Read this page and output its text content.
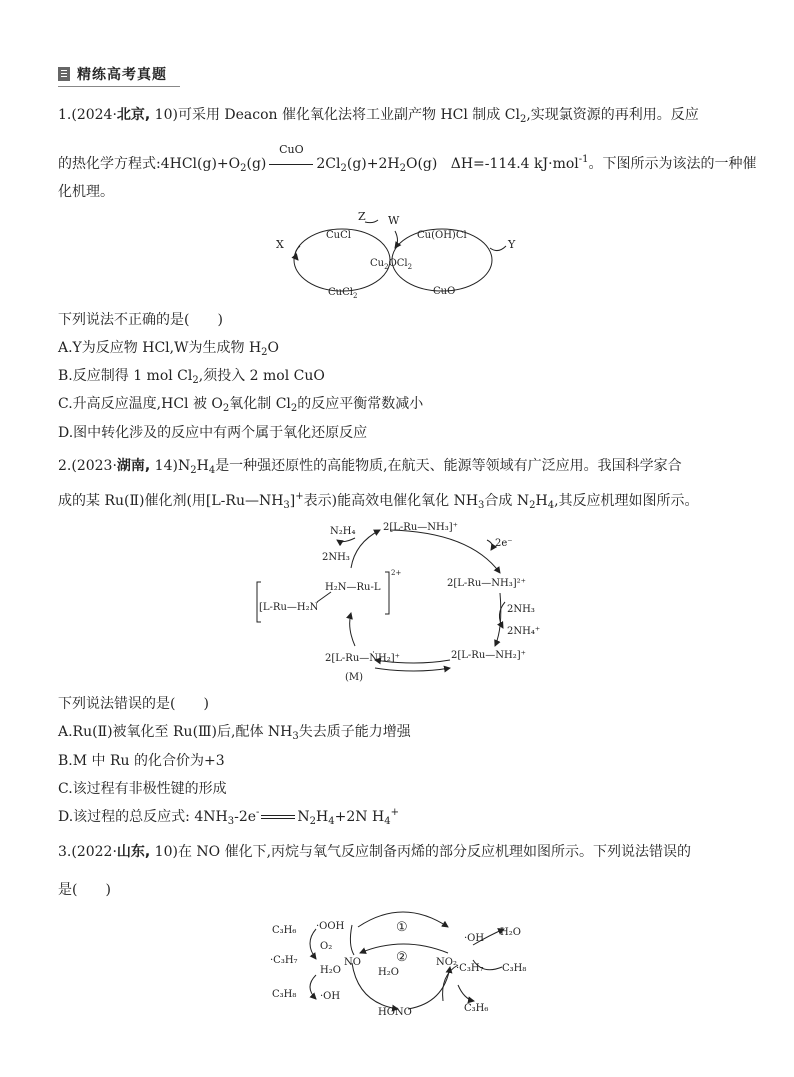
精练高考真题
1.(2024·北京, 10)可采用 Deacon 催化氧化法将工业副产物 HCl 制成 $Cl_2$,实现氯资源的再利用。反应
的热化学方程式$:4HCl(g)+O_2(g)$
CuO
$2Cl_2(g)+2H_2O(g)$ ΔH=-114.4 kJ·mol$^{-1}$。下图所示为该法的一种催
化机理。
X
Z W
Y
CuCl	Cu(OH)Cl
$Cu_2OCl_2$
CuCl$_2$	CuO
下列说法不正确的是(　　)
A.Y为反应物 HCl,W为生成物 $H_2O$
B.反应制得 1 mol $Cl_2$,须投入 2 mol CuO
C.升高反应温度,HCl 被 $O_2$氧化制 $Cl_2$的反应平衡常数减小
D.图中转化涉及的反应中有两个属于氧化还原反应
2.(2023·湖南, $14)N_2H_4$是一种强还原性的高能物质,在航天、能源等领域有广泛应用。我国科学家合
成的某 Ru(Ⅱ)催化剂(用$[L-Ru—NH_3]^+$表示)能高效电催化氧化 $NH_3$合成 $N_2H_4$,其反应机理如图所示。
N₂H₄
2NH₃
2[L-Ru—NH₃]⁺
2e⁻
2[L-Ru—NH₃]²⁺
2NH₃
2NH₄⁺
2[L-Ru—NH₂]⁺
2[L-Ru—ṄH₂]⁺
(M)
H₂N—Ru-L
[L-Ru—H₂N
2+
下列说法错误的是(　　)
A.Ru(Ⅱ)被氧化至 Ru(Ⅲ)后,配体 $NH_3$失去质子能力增强
B.M 中 Ru 的化合价为+3
C.该过程有非极性键的形成
D.该过程的总反应式: $4NH_3-2e^-$	$N_2H_4+2N$ $H_4^+$
3.(2022·山东, 10)在 NO 催化下,丙烷与氧气反应制备丙烯的部分反应机理如图所示。下列说法错误的
是(　　)
C₃H₆ ·OOH
O₂
·C₃H₇
H₂O
C₃H₈ ·OH
NO
①
②
H₂O
NO₂
·OH
H₂O
·C₃H₇ C₃H₈
HONO	C₃H₆
